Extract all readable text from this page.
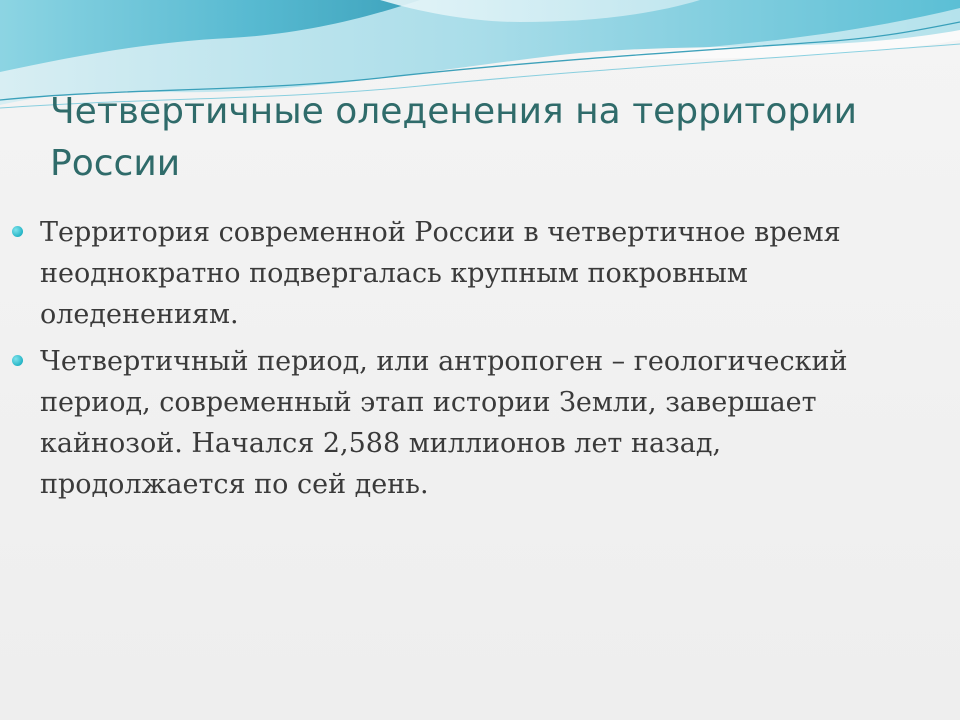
Четвертичные оледенения на территории России
Территория современной России в четвертичное время неоднократно подвергалась крупным покровным оледенениям.
Четвертичный период, или антропоген – геологический период, современный этап истории Земли, завершает кайнозой. Начался 2,588 миллионов лет назад, продолжается по сей день.
